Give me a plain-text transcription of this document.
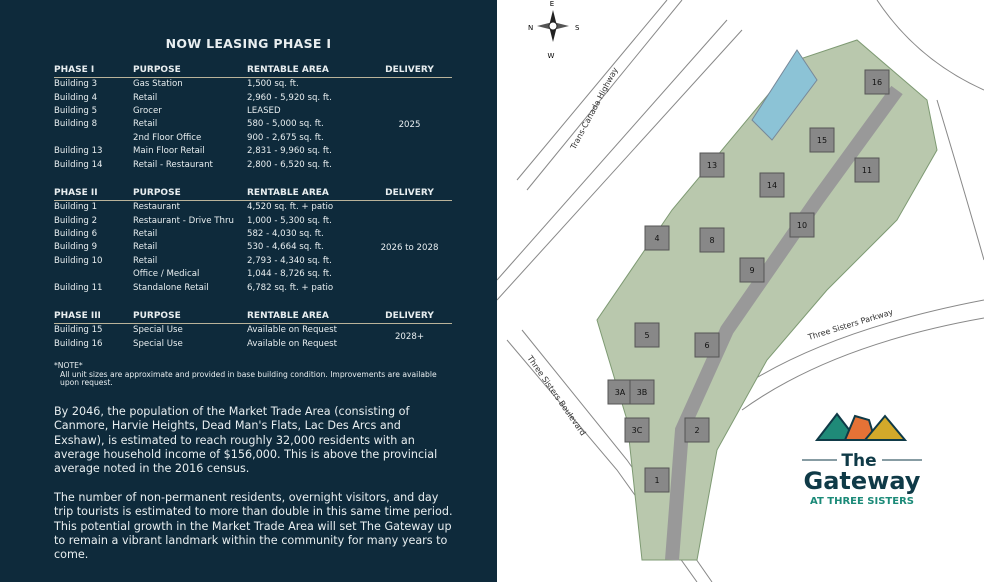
NOW LEASING PHASE I
PHASE I	PURPOSE	RENTABLE AREA	DELIVERY
Building 3	Gas Station	1,500 sq. ft.	2025
Building 4	Retail	2,960 - 5,920 sq. ft.	
Building 5	Grocer	LEASED	
Building 8	Retail	580 - 5,000 sq. ft.	
	2nd Floor Office	900 - 2,675 sq. ft.	
Building 13	Main Floor Retail	2,831 - 9,960 sq. ft.	
Building 14	Retail - Restaurant	2,800 - 6,520 sq. ft.	
PHASE II	PURPOSE	RENTABLE AREA	DELIVERY
Building 1	Restaurant	4,520 sq. ft. + patio	2026 to 2028
Building 2	Restaurant - Drive Thru	1,000 - 5,300 sq. ft.	
Building 6	Retail	582 - 4,030 sq. ft.	
Building 9	Retail	530 - 4,664 sq. ft.	
Building 10	Retail	2,793 - 4,340 sq. ft.	
	Office / Medical	1,044 - 8,726 sq. ft.	
Building 11	Standalone Retail	6,782 sq. ft. + patio	
PHASE III	PURPOSE	RENTABLE AREA	DELIVERY
Building 15	Special Use	Available on Request	2028+
Building 16	Special Use	Available on Request	
*NOTE*

All unit sizes are approximate and provided in base building condition. Improvements are available upon request.

By 2046, the population of the Market Trade Area (consisting of Canmore, Harvie Heights, Dead Man's Flats, Lac Des Arcs and Exshaw), is estimated to reach roughly 32,000 residents with an average household income of $156,000. This is above the provincial average noted in the 2016 census.
The number of non-permanent residents, overnight visitors, and day trip tourists is estimated to more than double in this same time period. This potential growth in the Market Trade Area will set The Gateway up to remain a vibrant landmark within the community for many years to come.
E
N	S
W
1
2
3A 3B
3C
4
5
6
8
9
10
11
13
14
15
16
Trans-Canada Highway
Three Sisters Parkway
Three Sisters Boulevard
The
Gateway
AT THREE SISTERS
